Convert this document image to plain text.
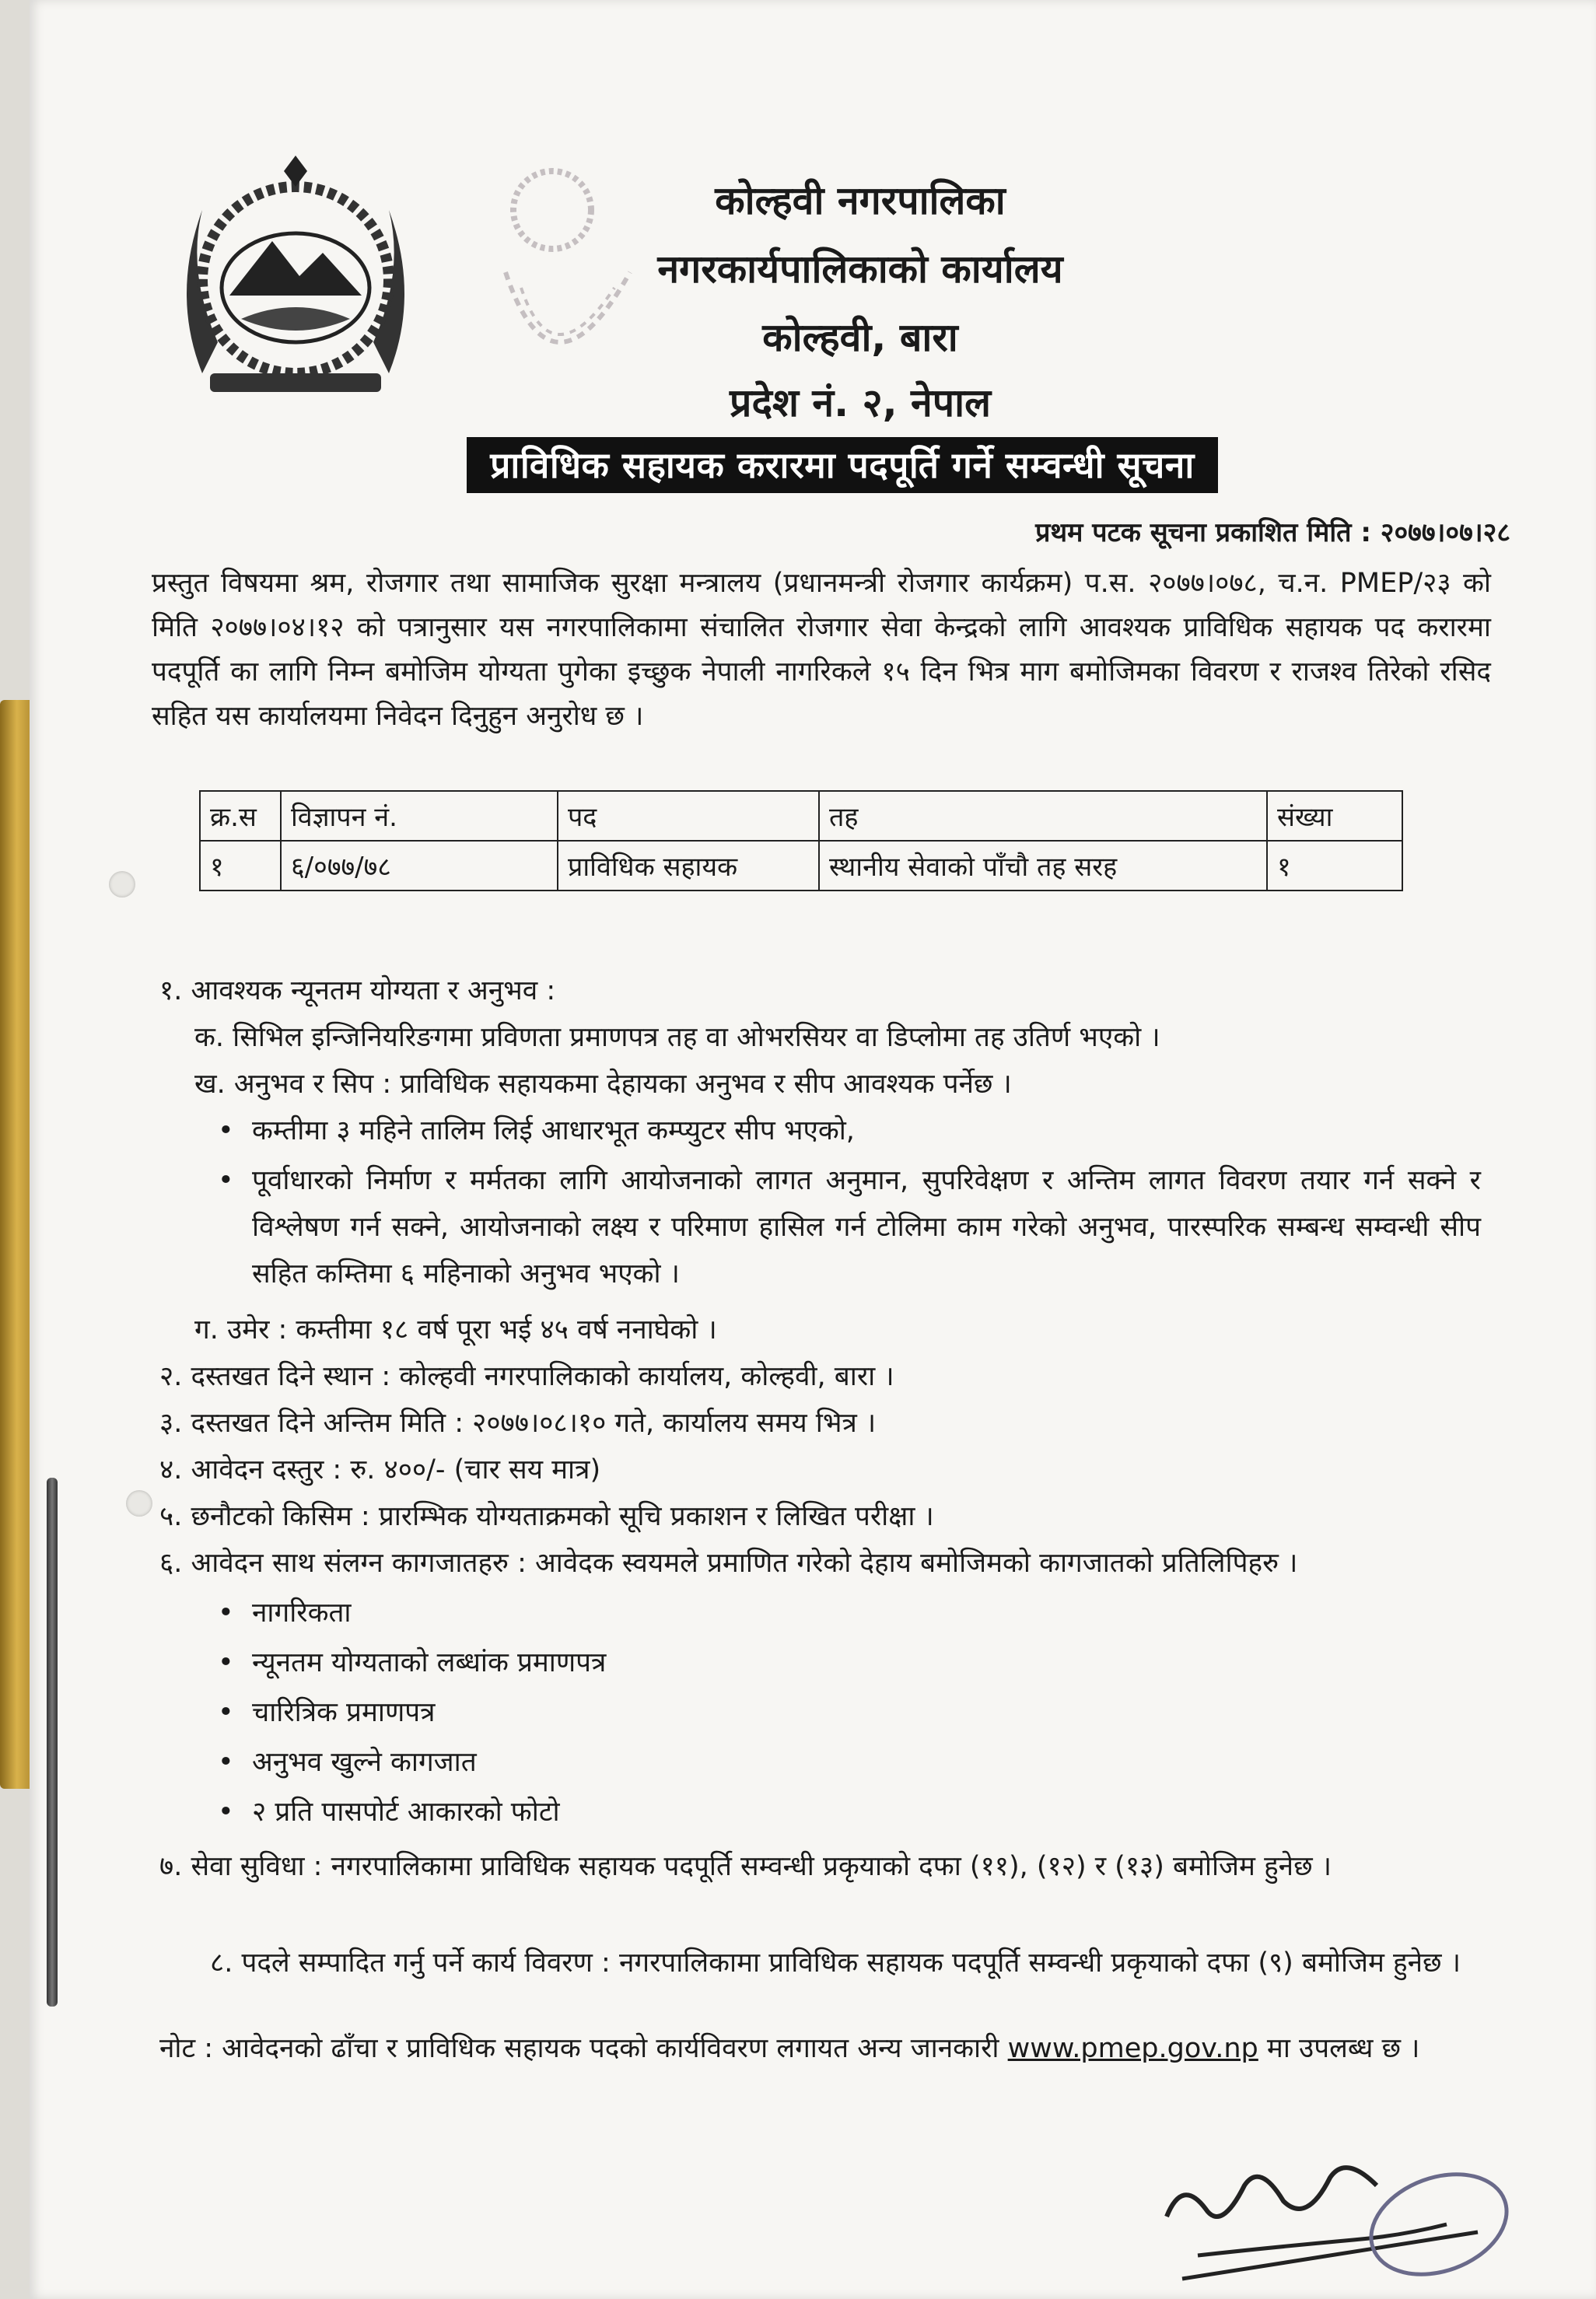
कोल्हवी नगरपालिका
नगरकार्यपालिकाको कार्यालय
कोल्हवी, बारा
प्रदेश नं. २, नेपाल
प्राविधिक सहायक करारमा पदपूर्ति गर्ने सम्वन्धी सूचना
प्रथम पटक सूचना प्रकाशित मिति : २०७७।०७।२८
प्रस्तुत विषयमा श्रम, रोजगार तथा सामाजिक सुरक्षा मन्त्रालय (प्रधानमन्त्री रोजगार कार्यक्रम) प.स. २०७७।०७८, च.न. PMEP/२३ को मिति २०७७।०४।१२ को पत्रानुसार यस नगरपालिकामा संचालित रोजगार सेवा केन्द्रको लागि आवश्यक प्राविधिक सहायक पद करारमा पदपूर्ति का लागि निम्न बमोजिम योग्यता पुगेका इच्छुक नेपाली नागरिकले १५ दिन भित्र माग बमोजिमका विवरण र राजश्व तिरेको रसिद सहित यस कार्यालयमा निवेदन दिनुहुन अनुरोध छ ।
क्र.स	विज्ञापन नं.	पद	तह	संख्या
१	६/०७७/७८	प्राविधिक सहायक	स्थानीय सेवाको पाँचौ तह सरह	१
१. आवश्यक न्यूनतम योग्यता र अनुभव :
क. सिभिल इन्जिनियरिङगमा प्रविणता प्रमाणपत्र तह वा ओभरसियर वा डिप्लोमा तह उतिर्ण भएको ।
ख. अनुभव र सिप : प्राविधिक सहायकमा देहायका अनुभव र सीप आवश्यक पर्नेछ ।
• कम्तीमा ३ महिने तालिम लिई आधारभूत कम्प्युटर सीप भएको,
• पूर्वाधारको निर्माण र मर्मतका लागि आयोजनाको लागत अनुमान, सुपरिवेक्षण र अन्तिम लागत विवरण तयार गर्न सक्ने र विश्लेषण गर्न सक्ने, आयोजनाको लक्ष्य र परिमाण हासिल गर्न टोलिमा काम गरेको अनुभव, पारस्परिक सम्बन्ध सम्वन्धी सीप सहित कम्तिमा ६ महिनाको अनुभव भएको ।
ग. उमेर : कम्तीमा १८ वर्ष पूरा भई ४५ वर्ष ननाघेको ।
२. दस्तखत दिने स्थान : कोल्हवी नगरपालिकाको कार्यालय, कोल्हवी, बारा ।
३. दस्तखत दिने अन्तिम मिति : २०७७।०८।१० गते, कार्यालय समय भित्र ।
४. आवेदन दस्तुर : रु. ४००/- (चार सय मात्र)
५. छनौटको किसिम : प्रारम्भिक योग्यताक्रमको सूचि प्रकाशन र लिखित परीक्षा ।
६. आवेदन साथ संलग्न कागजातहरु : आवेदक स्वयमले प्रमाणित गरेको देहाय बमोजिमको कागजातको प्रतिलिपिहरु ।
• नागरिकता
• न्यूनतम योग्यताको लब्धांक प्रमाणपत्र
• चारित्रिक प्रमाणपत्र
• अनुभव खुल्ने कागजात
• २ प्रति पासपोर्ट आकारको फोटो
७. सेवा सुविधा : नगरपालिकामा प्राविधिक सहायक पदपूर्ति सम्वन्धी प्रकृयाको दफा (११), (१२) र (१३) बमोजिम हुनेछ ।
८. पदले सम्पादित गर्नु पर्ने कार्य विवरण : नगरपालिकामा प्राविधिक सहायक पदपूर्ति सम्वन्धी प्रकृयाको दफा (९) बमोजिम हुनेछ ।
नोट : आवेदनको ढाँचा र प्राविधिक सहायक पदको कार्यविवरण लगायत अन्य जानकारी www.pmep.gov.np मा उपलब्ध छ ।
